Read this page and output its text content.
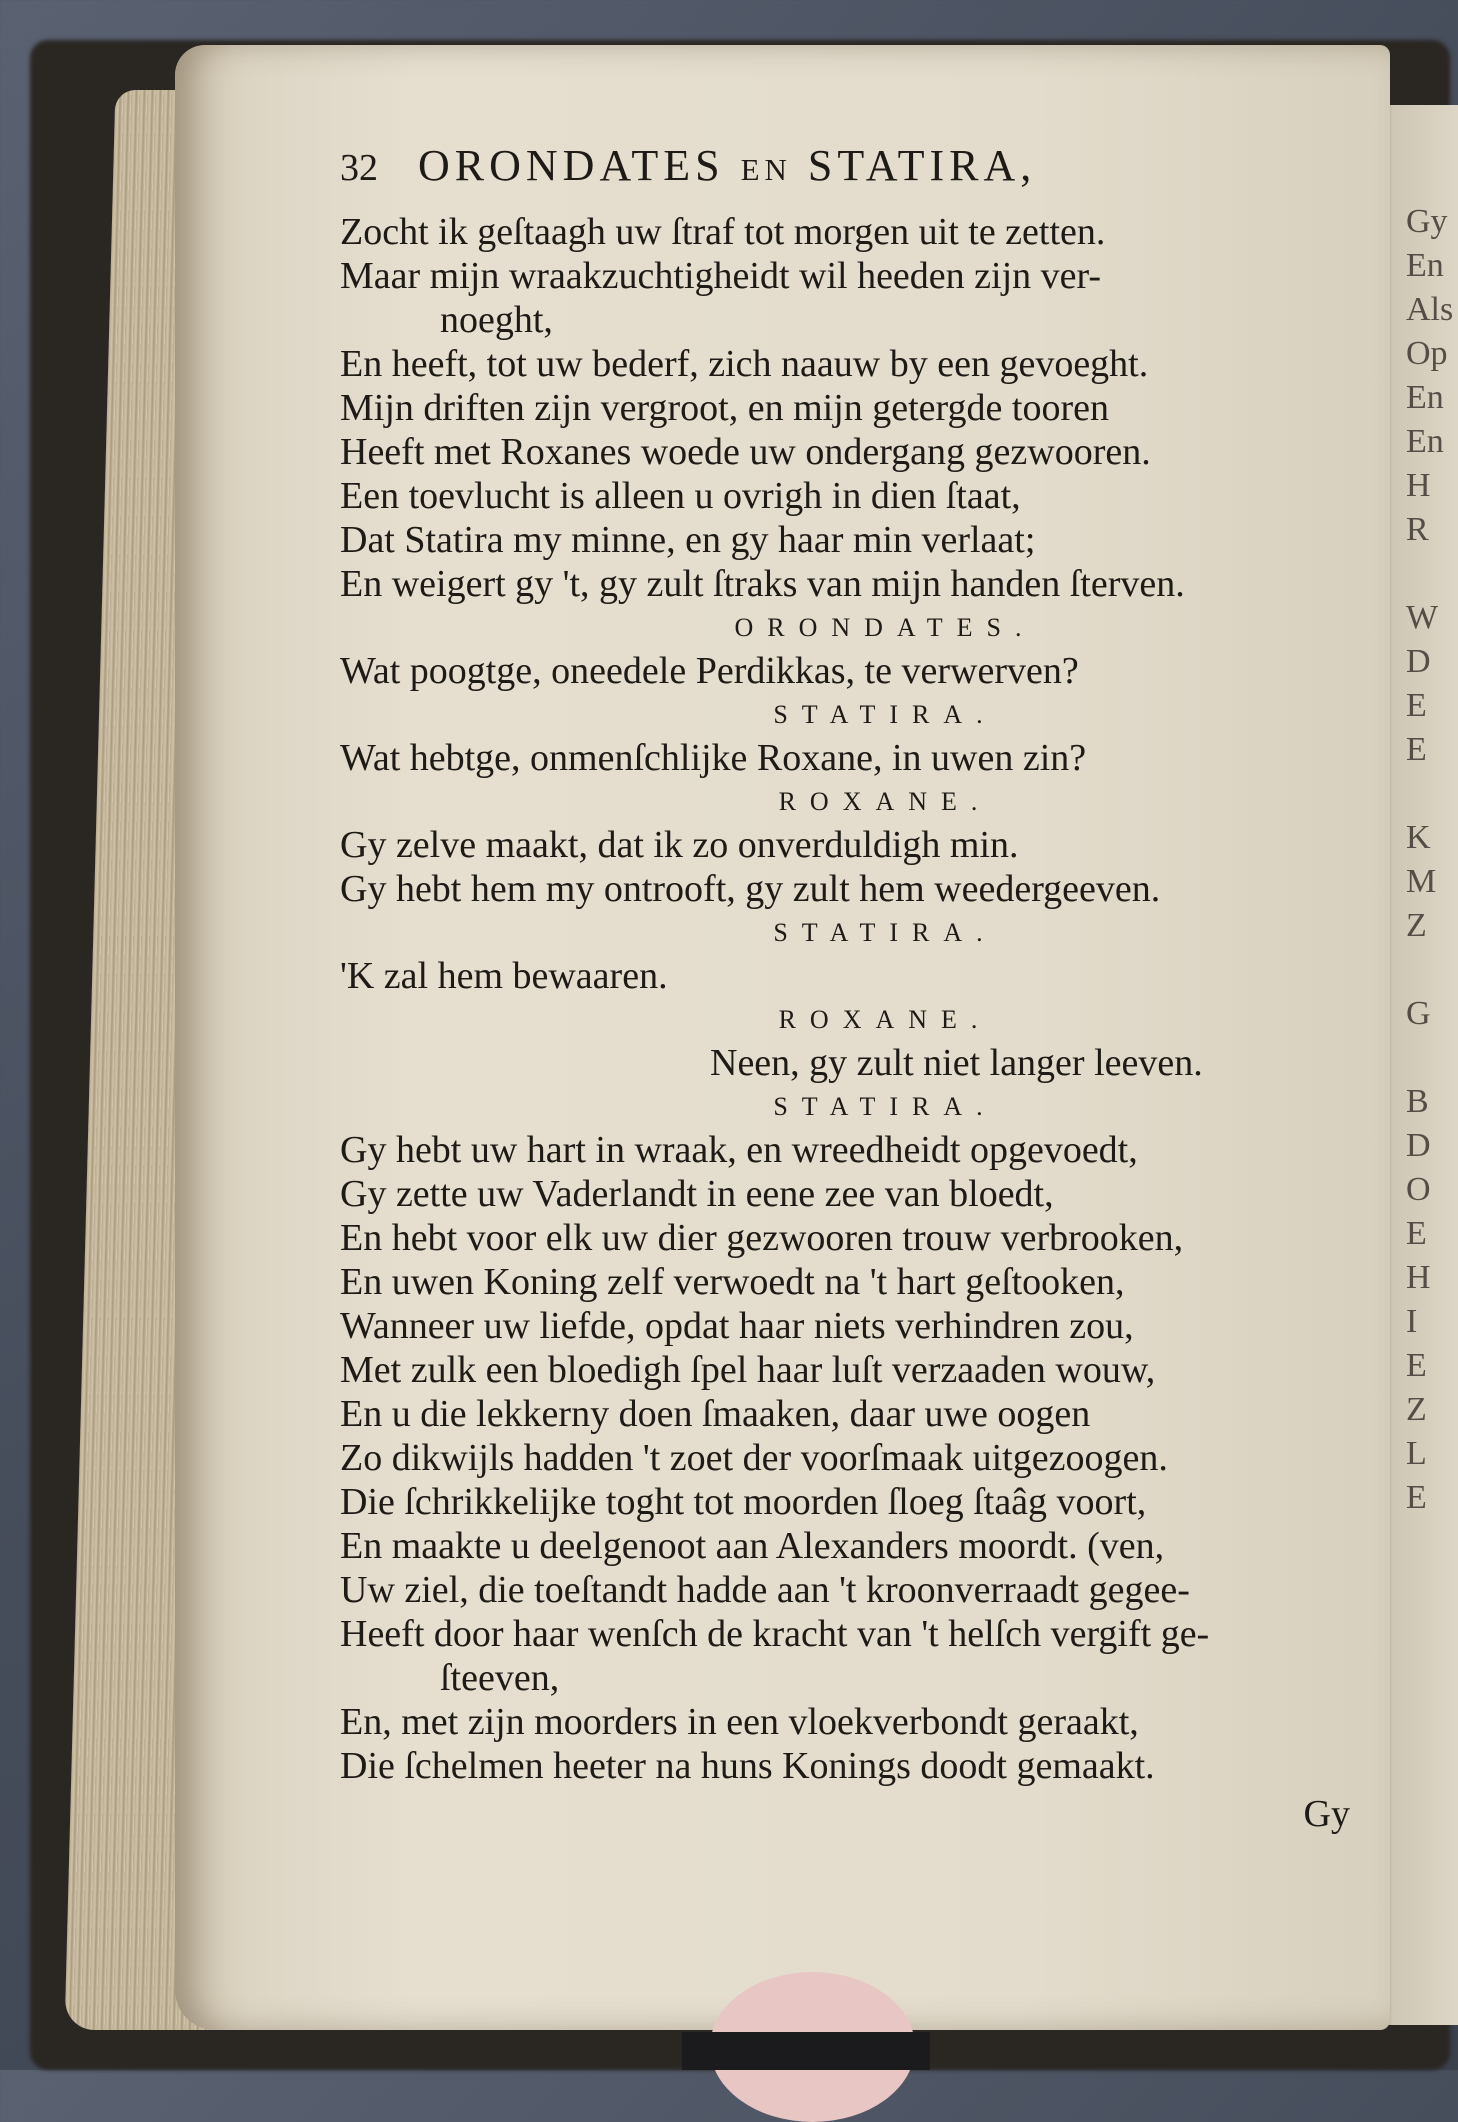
Gy
En
Als
Op
En
En
H
R

W
D
E
E

K
M
Z

G

B
D
O
E
H
I
E
Z
L
E
32 ORONDATES en STATIRA,
Zocht ik geſtaagh uw ſtraf tot morgen uit te zetten.
Maar mijn wraakzuchtigheidt wil heeden zijn ver-
noeght,
En heeft, tot uw bederf, zich naauw by een gevoeght.
Mijn driften zijn vergroot, en mijn getergde tooren
Heeft met Roxanes woede uw ondergang gezwooren.
Een toevlucht is alleen u ovrigh in dien ſtaat,
Dat Statira my minne, en gy haar min verlaat;
En weigert gy 't, gy zult ſtraks van mijn handen ſterven.
ORONDATES.
Wat poogtge, oneedele Perdikkas, te verwerven?
STATIRA.
Wat hebtge, onmenſchlijke Roxane, in uwen zin?
ROXANE.
Gy zelve maakt, dat ik zo onverduldigh min.
Gy hebt hem my ontrooft, gy zult hem weedergeeven.
STATIRA.
'K zal hem bewaaren.
ROXANE.
Neen, gy zult niet langer leeven.
STATIRA.
Gy hebt uw hart in wraak, en wreedheidt opgevoedt,
Gy zette uw Vaderlandt in eene zee van bloedt,
En hebt voor elk uw dier gezwooren trouw verbrooken,
En uwen Koning zelf verwoedt na 't hart geſtooken,
Wanneer uw liefde, opdat haar niets verhindren zou,
Met zulk een bloedigh ſpel haar luſt verzaaden wouw,
En u die lekkerny doen ſmaaken, daar uwe oogen
Zo dikwijls hadden 't zoet der voorſmaak uitgezoogen.
Die ſchrikkelijke toght tot moorden ſloeg ſtaâg voort,
En maakte u deelgenoot aan Alexanders moordt. (ven,
Uw ziel, die toeſtandt hadde aan 't kroonverraadt gegee-
Heeft door haar wenſch de kracht van 't helſch vergift ge-
ſteeven,
En, met zijn moorders in een vloekverbondt geraakt,
Die ſchelmen heeter na huns Konings doodt gemaakt.
Gy
